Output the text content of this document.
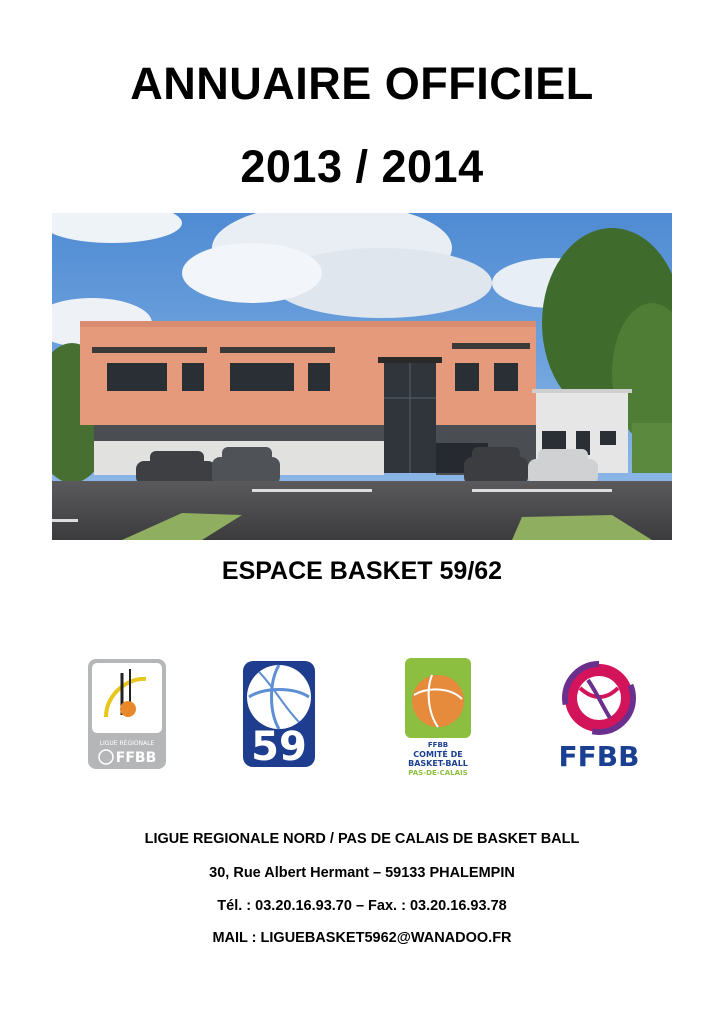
ANNUAIRE OFFICIEL
2013 / 2014
ESPACE BASKET 59/62
LIGUE RÉGIONALE
FFBB 59	FFBB
COMITÉ DE
BASKET-BALL
PAS-DE-CALAIS	FFBB
LIGUE REGIONALE NORD / PAS DE CALAIS DE BASKET BALL
30, Rue Albert Hermant – 59133 PHALEMPIN
Tél. : 03.20.16.93.70 – Fax. : 03.20.16.93.78
MAIL : LIGUEBASKET5962@WANADOO.FR
